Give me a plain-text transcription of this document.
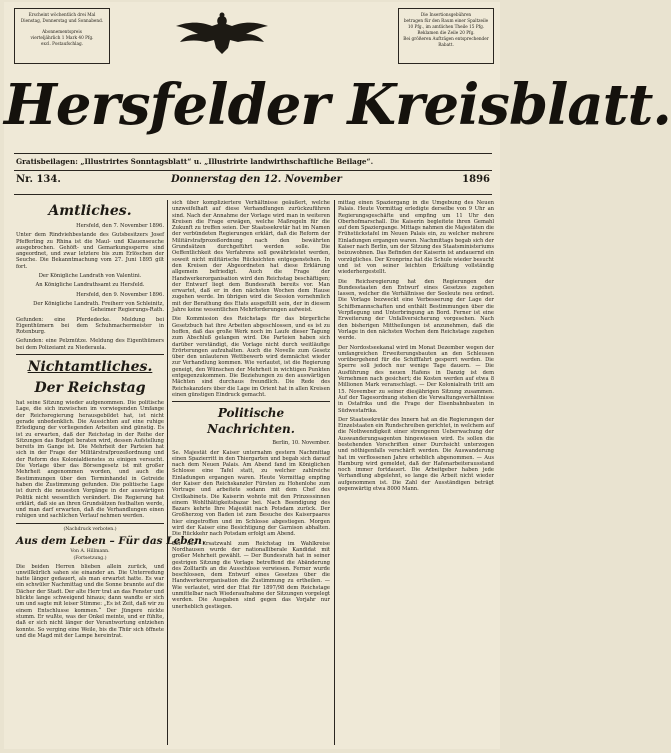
Erscheint wöchentlich drei Mal
Dienstag, Donnerstag und Sonnabend.
Abonnementspreis
vierteljährlich 1 Mark 40 Pfg.
excl. Postaufschlag.
Die Insertionsgebühren
betragen für den Raum einer Spaltzeile
10 Pfg., im amtlichen Theile 15 Pfg.
Reklamen die Zeile 20 Pfg.
Bei größeren Aufträgen entsprechender
Rabatt.
Hersfelder Kreisblatt.
Gratisbeilagen: „Illustrirtes Sonntagsblatt“ u. „Illustrirte landwirthschaftliche Beilage“.
Nr. 134.	Donnerstag den 12. November	1896
Amtliches.
Hersfeld, den 7. November 1896.
Unter dem Rindviehbestande des Gutsbesitzers Josef Pfefferling zu Rhina ist die Maul- und Klauenseuche ausgebrochen. Gehöft- und Gemarkungssperre sind angeordnet, und zwar letztere bis zum Erlöschen der Seuche. Die Bekanntmachung vom 27. Juni 1895 gilt fort.
Der Königliche Landrath von Valentini.
An Königliche Landrathsamt zu Hersfeld.
Hersfeld, den 9. November 1896.
Der Königliche Landrath. Freiherr von Schleinitz, Geheimer Regierungs-Rath.
Gefunden: eine Pferdedecke. Meldung bei Eigenthümern bei dem Schuhmachermeister in Rotenburg.
Gefunden: eine Pelzmütze. Meldung des Eigenthümers bei dem Polizeiamt zu Niederaula.
Nichtamtliches.
Der Reichstag
hat seine Sitzung wieder aufgenommen. Die politische Lage, die sich inzwischen im vorwiegenden Umfange der Reichsregierung herausgebildet hat, ist nicht gerade unbedenklich. Die Aussichten auf eine ruhige Erledigung der vorliegenden Arbeiten sind günstig. Es ist zu erwarten, daß der Reichstag in der Reihe der Sitzungen das Budget beraten wird, dessen Aufstellung bereits im Gange ist. Die Mehrheit der Parteien hat sich in der Frage der Militärstrafprozeßordnung und der Reform des Kolonialdienstes zu einigen versucht. Die Vorlage über das Börsengesetz ist mit großer Mehrheit angenommen worden, und auch die Bestimmungen über den Terminhandel in Getreide haben die Zustimmung gefunden. Die politische Lage ist durch die neuesten Vorgänge in der auswärtigen Politik nicht wesentlich verändert. Die Regierung hat erklärt, daß sie an ihren Grundsätzen festhalten werde, und man darf erwarten, daß die Verhandlungen einen ruhigen und sachlichen Verlauf nehmen werden.
(Nachdruck verboten.)
Aus dem Leben – Für das Leben.
Von A. Hillmann.
(Fortsetzung.)
Die beiden Herren blieben allein zurück, und unwillkürlich sahen sie einander an. Die Unterredung hatte länger gedauert, als man erwartet hatte. Es war ein schwüler Nachmittag und die Sonne brannte auf die Dächer der Stadt. Der alte Herr trat an das Fenster und blickte lange schweigend hinaus; dann wandte er sich um und sagte mit leiser Stimme: „Es ist Zeit, daß wir zu einem Entschlusse kommen.“ Der Jüngere nickte stumm. Er wußte, was der Onkel meinte, und er fühlte, daß er sich nicht länger der Verantwortung entziehen konnte. So verging eine Weile, bis die Thür sich öffnete und die Magd mit der Lampe hereintrat.
sich über kompliziertere Verhältnisse geäußert, welche unzweifelhaft auf diese Verhandlungen zurückzuführen sind. Nach der Annahme der Vorlage wird man in weiteren Kreisen die Frage erwägen, welche Maßregeln für die Zukunft zu treffen seien. Der Staatssekretär hat im Namen der verbündeten Regierungen erklärt, daß die Reform der Militärstrafprozeßordnung nach den bewährten Grundsätzen durchgeführt werden solle. Die Oeffentlichkeit des Verfahrens soll gewährleistet werden, soweit nicht militärische Rücksichten entgegenstehen. In den Kreisen der Abgeordneten hat diese Erklärung allgemein befriedigt. Auch die Frage der Handwerkerorganisation wird den Reichstag beschäftigen; der Entwurf liegt dem Bundesrath bereits vor. Man erwartet, daß er in den nächsten Wochen dem Hause zugehen werde. Im übrigen wird die Session vornehmlich mit der Berathung des Etats ausgefüllt sein, der in diesem Jahre keine wesentlichen Mehrforderungen aufweist.
Die Kommission des Reichstags für das bürgerliche Gesetzbuch hat ihre Arbeiten abgeschlossen, und es ist zu hoffen, daß das große Werk noch im Laufe dieser Tagung zum Abschluß gelangen wird. Die Parteien haben sich darüber verständigt, die Vorlage nicht durch weitläufige Erörterungen aufzuhalten. Auch die Novelle zum Gesetz über den unlauteren Wettbewerb wird demnächst wieder zur Verhandlung kommen. Wie verlautet, ist die Regierung geneigt, den Wünschen der Mehrheit in wichtigen Punkten entgegenzukommen. Die Beziehungen zu den auswärtigen Mächten sind durchaus freundlich. Die Rede des Reichskanzlers über die Lage im Orient hat in allen Kreisen einen günstigen Eindruck gemacht.
Politische Nachrichten.
Berlin, 10. November.
Se. Majestät der Kaiser unternahm gestern Nachmittag einen Spazierritt in den Thiergarten und begab sich darauf nach dem Neuen Palais. Am Abend fand im Königlichen Schlosse eine Tafel statt, zu welcher zahlreiche Einladungen ergangen waren. Heute Vormittag empfing der Kaiser den Reichskanzler Fürsten zu Hohenlohe zum Vortrage und arbeitete sodann mit dem Chef des Civilkabinets. Die Kaiserin wohnte mit den Prinzessinnen einem Wohlthätigkeitsbazar bei. Nach Beendigung des Bazars kehrte Ihre Majestät nach Potsdam zurück. Der Großherzog von Baden ist zum Besuche des Kaiserpaares hier eingetroffen und im Schlosse abgestiegen. Morgen wird der Kaiser eine Besichtigung der Garnison abhalten. Die Rückkehr nach Potsdam erfolgt am Abend.
Bei der Ersatzwahl zum Reichstag im Wahlkreise Nordhausen wurde der nationalliberale Kandidat mit großer Mehrheit gewählt. — Der Bundesrath hat in seiner gestrigen Sitzung die Vorlage betreffend die Abänderung des Zolltarifs an die Ausschüsse verwiesen. Ferner wurde beschlossen, dem Entwurf eines Gesetzes über die Handwerkerorganisation die Zustimmung zu ertheilen. — Wie verlautet, wird der Etat für 1897/98 dem Reichstage unmittelbar nach Wiederaufnahme der Sitzungen vorgelegt werden. Die Ausgaben sind gegen das Vorjahr nur unerheblich gestiegen.
mittag einen Spaziergang in die Umgebung des Neuen Palais. Heute Vormittag erledigte derselbe von 9 Uhr an Regierungsgeschäfte und empfing um 11 Uhr den Oberhofmarschall. Die Kaiserin begleitete ihren Gemahl auf dem Spaziergange. Mittags nahmen die Majestäten die Frühstückstafel im Neuen Palais ein, zu welcher mehrere Einladungen ergangen waren. Nachmittags begab sich der Kaiser nach Berlin, um der Sitzung des Staatsministeriums beizuwohnen. Das Befinden der Kaiserin ist andauernd ein vorzügliches. Der Kronprinz hat die Schule wieder besucht und ist von seiner leichten Erkältung vollständig wiederhergestellt.
Die Reichsregierung hat den Regierungen der Bundesstaaten den Entwurf eines Gesetzes zugehen lassen, welcher die Verhältnisse der Seeleute neu ordnet. Die Vorlage bezweckt eine Verbesserung der Lage der Schiffsmannschaften und enthält Bestimmungen über die Verpflegung und Unterbringung an Bord. Ferner ist eine Erweiterung der Unfallversicherung vorgesehen. Nach den bisherigen Mittheilungen ist anzunehmen, daß die Vorlage in den nächsten Wochen dem Reichstage zugehen werde.
Der Nordostseekanal wird im Monat Dezember wegen der umfangreichen Erweiterungsbauten an den Schleusen vorübergehend für die Schifffahrt gesperrt werden. Die Sperre soll jedoch nur wenige Tage dauern. — Die Ausführung des neuen Hafens in Danzig ist dem Vernehmen nach gesichert; die Kosten werden auf etwa 8 Millionen Mark veranschlagt. — Der Kolonialrath tritt am 15. November zu seiner diesjährigen Sitzung zusammen. Auf der Tagesordnung stehen die Verwaltungsverhältnisse in Ostafrika und die Frage der Eisenbahnbauten in Südwestafrika.
Der Staatssekretär des Innern hat an die Regierungen der Einzelstaaten ein Rundschreiben gerichtet, in welchem auf die Nothwendigkeit einer strengeren Ueberwachung der Auswanderungsagenten hingewiesen wird. Es sollen die bestehenden Vorschriften einer Durchsicht unterzogen und nöthigenfalls verschärft werden. Die Auswanderung hat im verflossenen Jahre erheblich abgenommen. — Aus Hamburg wird gemeldet, daß der Hafenarbeiterausstand noch immer fortdauert. Die Arbeitgeber haben jede Verhandlung abgelehnt, so lange die Arbeit nicht wieder aufgenommen ist. Die Zahl der Ausständigen beträgt gegenwärtig etwa 8000 Mann.
